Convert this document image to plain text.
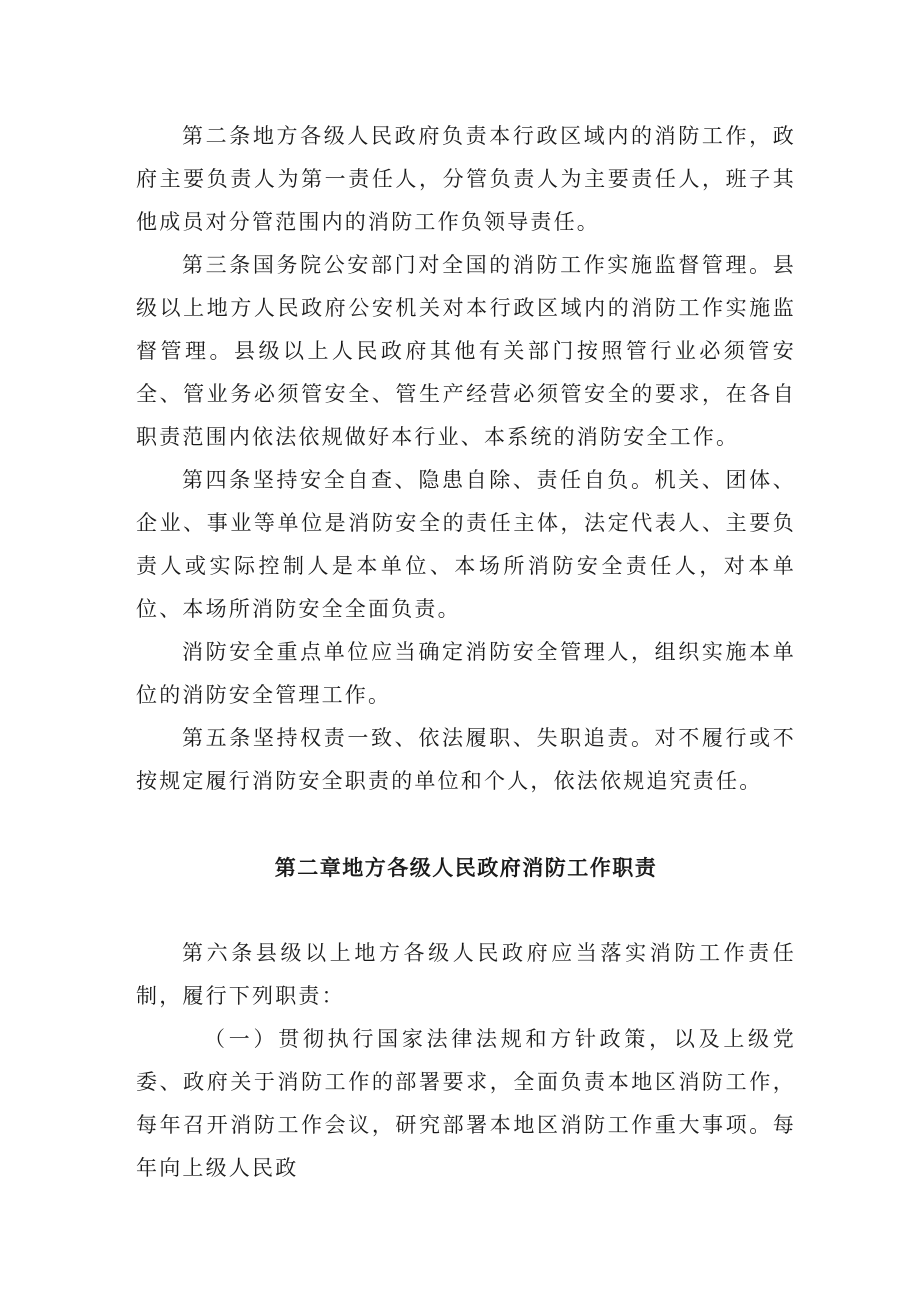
第二条地方各级人民政府负责本行政区域内的消防工作，政府主要负责人为第一责任人，分管负责人为主要责任人，班子其他成员对分管范围内的消防工作负领导责任。

第三条国务院公安部门对全国的消防工作实施监督管理。县级以上地方人民政府公安机关对本行政区域内的消防工作实施监督管理。县级以上人民政府其他有关部门按照管行业必须管安全、管业务必须管安全、管生产经营必须管安全的要求，在各自职责范围内依法依规做好本行业、本系统的消防安全工作。

第四条坚持安全自查、隐患自除、责任自负。机关、团体、企业、事业等单位是消防安全的责任主体，法定代表人、主要负责人或实际控制人是本单位、本场所消防安全责任人，对本单位、本场所消防安全全面负责。

消防安全重点单位应当确定消防安全管理人，组织实施本单位的消防安全管理工作。

第五条坚持权责一致、依法履职、失职追责。对不履行或不按规定履行消防安全职责的单位和个人，依法依规追究责任。

第二章地方各级人民政府消防工作职责

第六条县级以上地方各级人民政府应当落实消防工作责任制，履行下列职责：

（一）贯彻执行国家法律法规和方针政策，以及上级党委、政府关于消防工作的部署要求，全面负责本地区消防工作，每年召开消防工作会议，研究部署本地区消防工作重大事项。每年向上级人民政
